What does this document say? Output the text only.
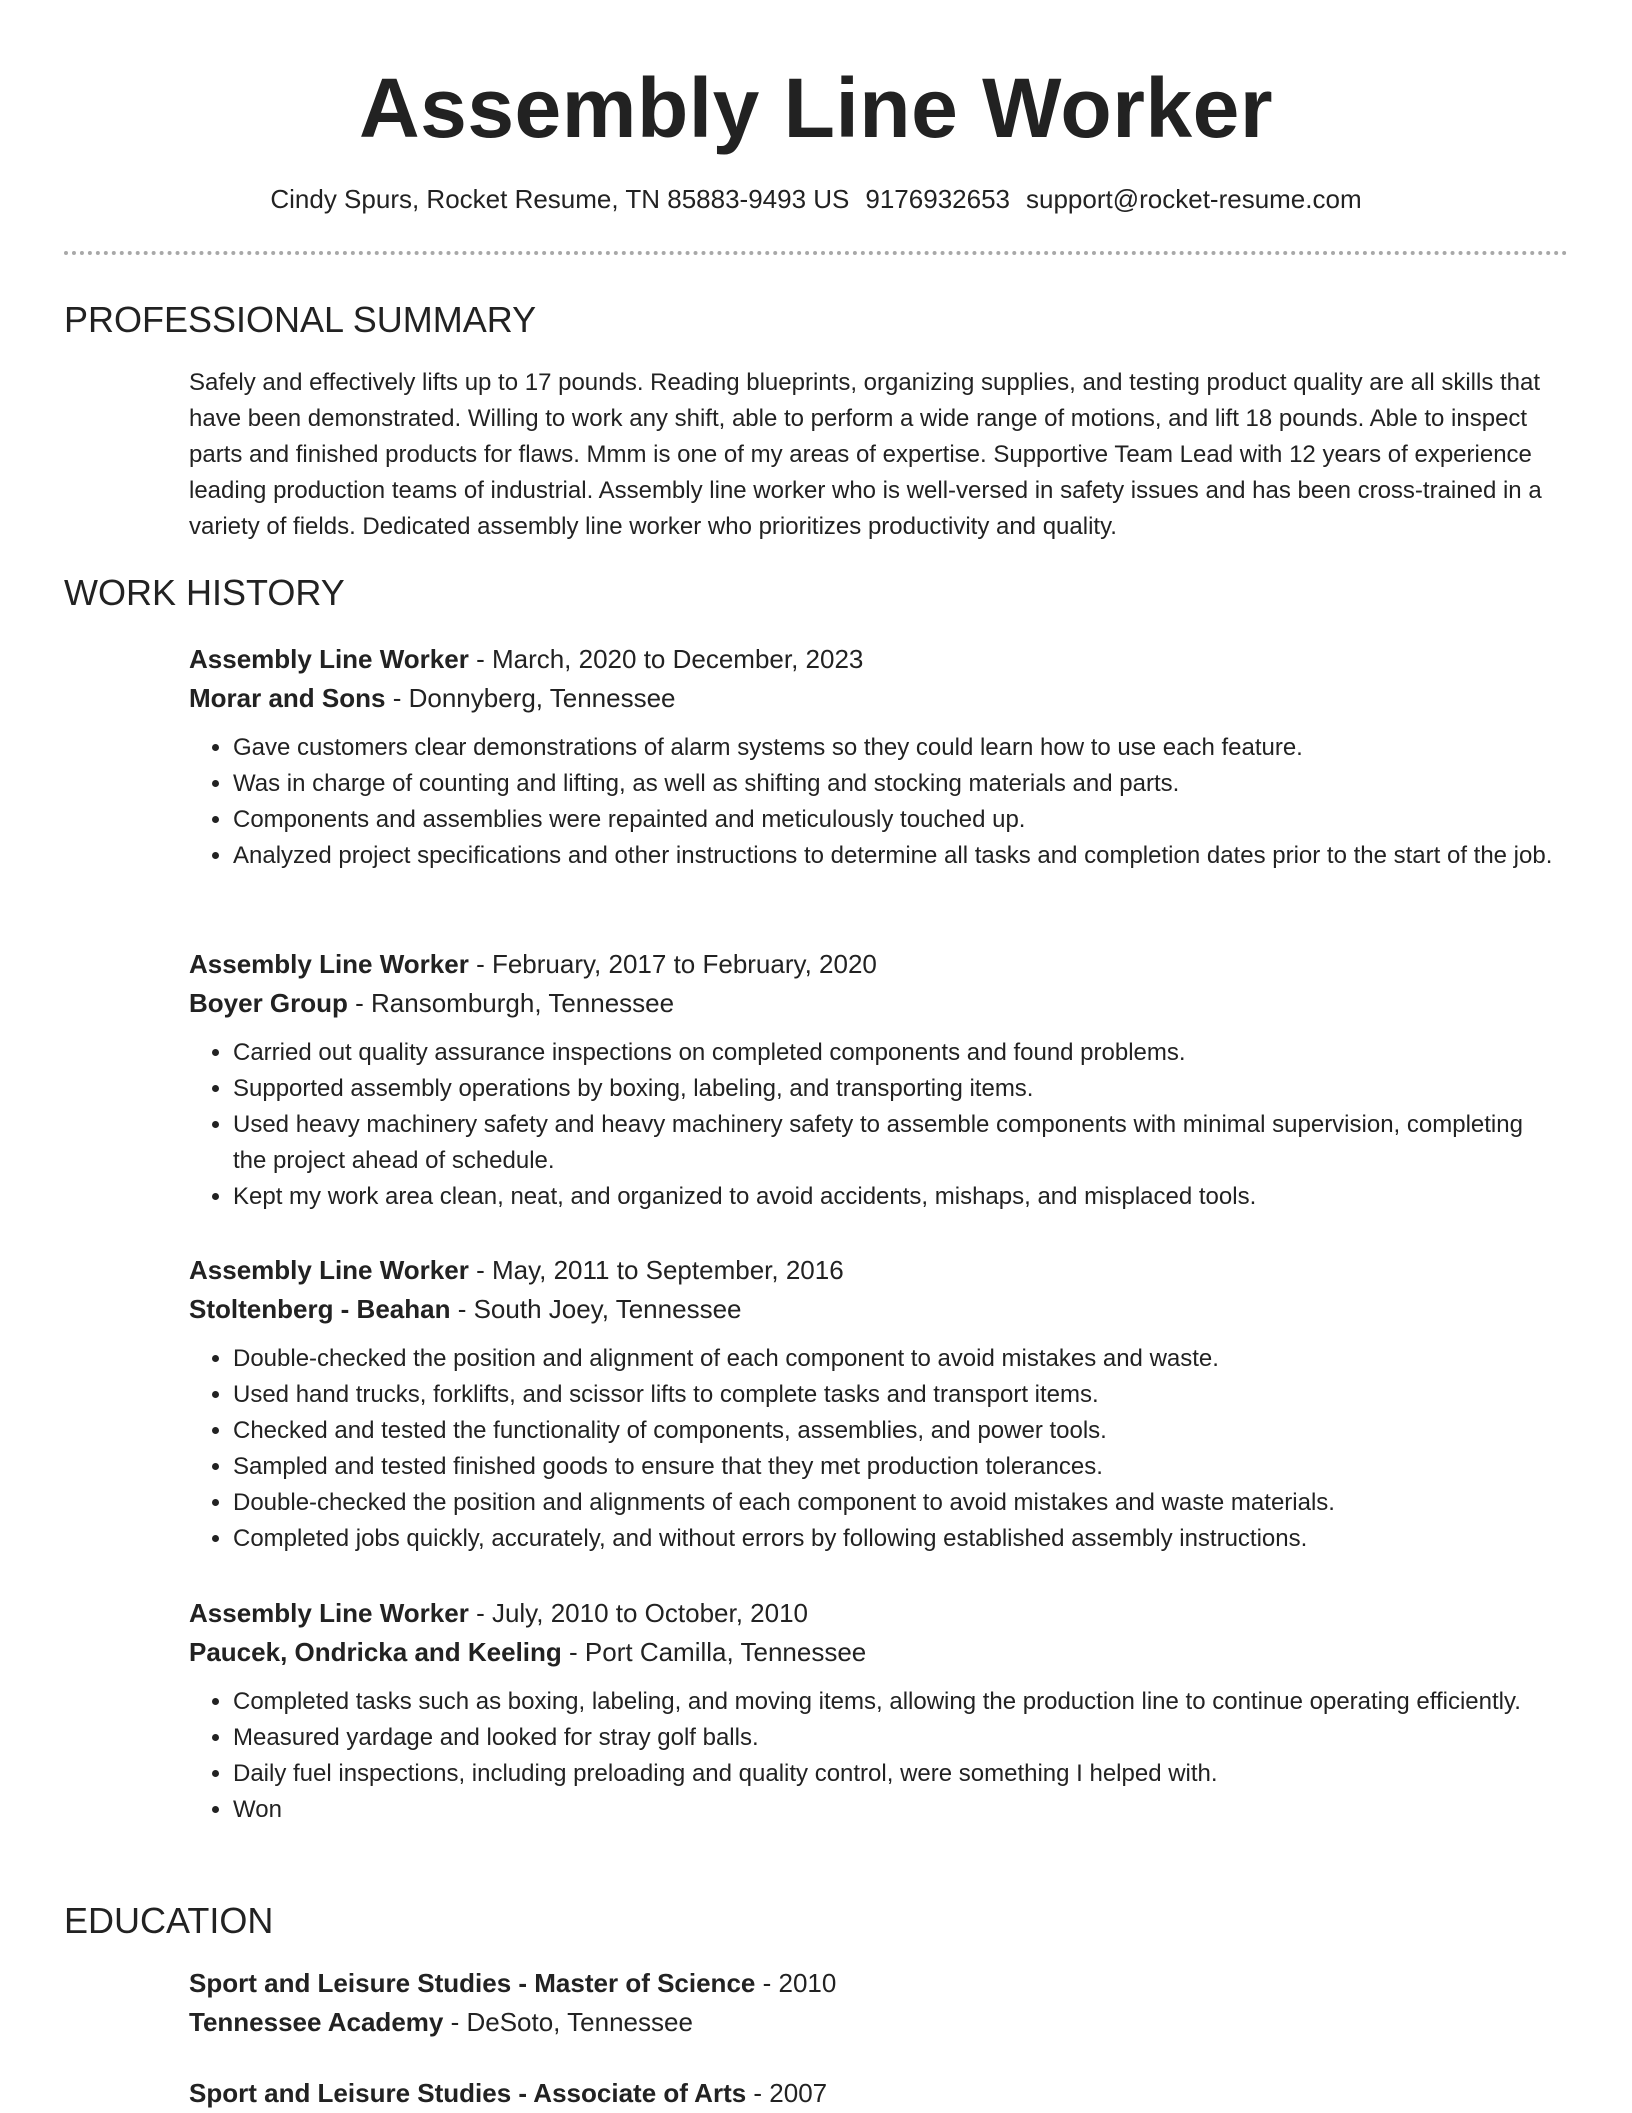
Assembly Line Worker
Cindy Spurs, Rocket Resume, TN 85883-9493 US 9176932653 support@rocket-resume.com
PROFESSIONAL SUMMARY

Safely and effectively lifts up to 17 pounds. Reading blueprints, organizing supplies, and testing product quality are all skills that have been demonstrated. Willing to work any shift, able to perform a wide range of motions, and lift 18 pounds. Able to inspect parts and finished products for flaws. Mmm is one of my areas of expertise. Supportive Team Lead with 12 years of experience leading production teams of industrial. Assembly line worker who is well-versed in safety issues and has been cross-trained in a variety of fields. Dedicated assembly line worker who prioritizes productivity and quality.

WORK HISTORY
Assembly Line Worker - March, 2020 to December, 2023
Morar and Sons - Donnyberg, Tennessee
• Gave customers clear demonstrations of alarm systems so they could learn how to use each feature.
• Was in charge of counting and lifting, as well as shifting and stocking materials and parts.
• Components and assemblies were repainted and meticulously touched up.
• Analyzed project specifications and other instructions to determine all tasks and completion dates prior to the start of the job.
Assembly Line Worker - February, 2017 to February, 2020
Boyer Group - Ransomburgh, Tennessee
• Carried out quality assurance inspections on completed components and found problems.
• Supported assembly operations by boxing, labeling, and transporting items.
• Used heavy machinery safety and heavy machinery safety to assemble components with minimal supervision, completing the project ahead of schedule.
• Kept my work area clean, neat, and organized to avoid accidents, mishaps, and misplaced tools.
Assembly Line Worker - May, 2011 to September, 2016
Stoltenberg - Beahan - South Joey, Tennessee
• Double-checked the position and alignment of each component to avoid mistakes and waste.
• Used hand trucks, forklifts, and scissor lifts to complete tasks and transport items.
• Checked and tested the functionality of components, assemblies, and power tools.
• Sampled and tested finished goods to ensure that they met production tolerances.
• Double-checked the position and alignments of each component to avoid mistakes and waste materials.
• Completed jobs quickly, accurately, and without errors by following established assembly instructions.
Assembly Line Worker - July, 2010 to October, 2010
Paucek, Ondricka and Keeling - Port Camilla, Tennessee
• Completed tasks such as boxing, labeling, and moving items, allowing the production line to continue operating efficiently.
• Measured yardage and looked for stray golf balls.
• Daily fuel inspections, including preloading and quality control, were something I helped with.
• Won
EDUCATION
Sport and Leisure Studies - Master of Science - 2010
Tennessee Academy - DeSoto, Tennessee
Sport and Leisure Studies - Associate of Arts - 2007
